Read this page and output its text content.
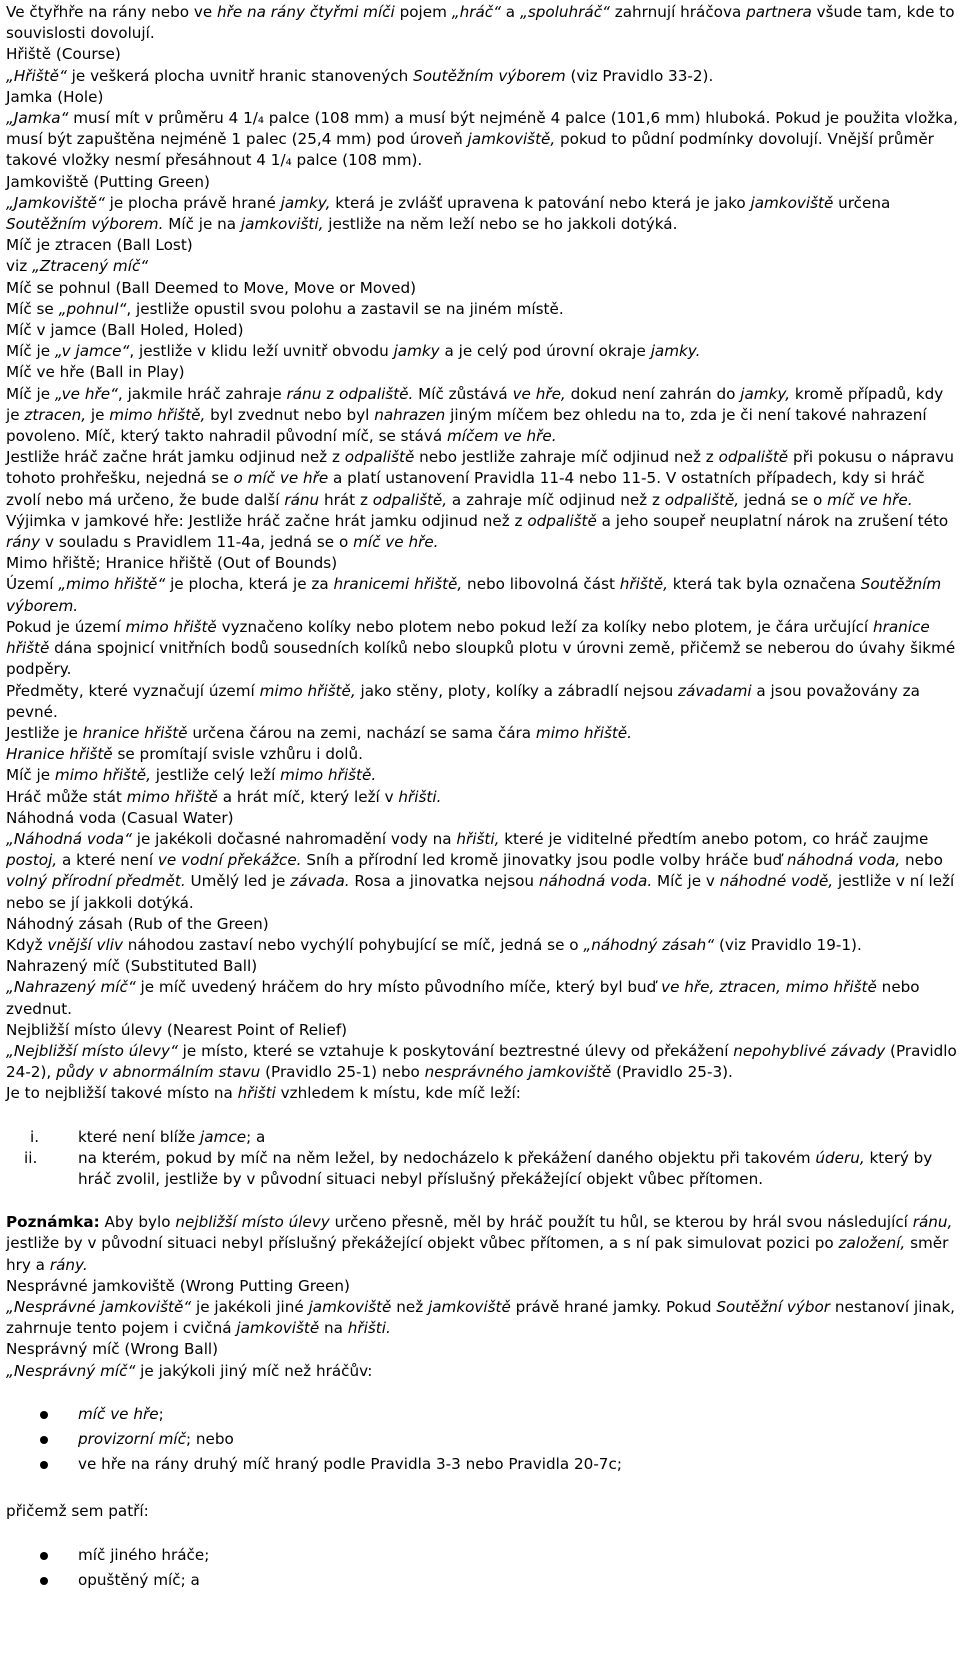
Ve čtyřhře na rány nebo ve hře na rány čtyřmi míči pojem „hráč“ a „spoluhráč“ zahrnují hráčova partnera všude tam, kde to souvislosti dovolují.

Hřiště (Course)

„Hřiště“ je veškerá plocha uvnitř hranic stanovených Soutěžním výborem (viz Pravidlo 33-2).

Jamka (Hole)

„Jamka“ musí mít v průměru 4 1/₄ palce (108 mm) a musí být nejméně 4 palce (101,6 mm) hluboká. Pokud je použita vložka, musí být zapuštěna nejméně 1 palec (25,4 mm) pod úroveň jamkoviště, pokud to půdní podmínky dovolují. Vnější průměr takové vložky nesmí přesáhnout 4 1/₄ palce (108 mm).

Jamkoviště (Putting Green)

„Jamkoviště“ je plocha právě hrané jamky, která je zvlášť upravena k patování nebo která je jako jamkoviště určena Soutěžním výborem. Míč je na jamkovišti, jestliže na něm leží nebo se ho jakkoli dotýká.

Míč je ztracen (Ball Lost)

viz „Ztracený míč“

Míč se pohnul (Ball Deemed to Move, Move or Moved)

Míč se „pohnul“, jestliže opustil svou polohu a zastavil se na jiném místě.

Míč v jamce (Ball Holed, Holed)

Míč je „v jamce“, jestliže v klidu leží uvnitř obvodu jamky a je celý pod úrovní okraje jamky.

Míč ve hře (Ball in Play)

Míč je „ve hře“, jakmile hráč zahraje ránu z odpaliště. Míč zůstává ve hře, dokud není zahrán do jamky, kromě případů, kdy je ztracen, je mimo hřiště, byl zvednut nebo byl nahrazen jiným míčem bez ohledu na to, zda je či není takové nahrazení povoleno. Míč, který takto nahradil původní míč, se stává míčem ve hře.

Jestliže hráč začne hrát jamku odjinud než z odpaliště nebo jestliže zahraje míč odjinud než z odpaliště při pokusu o nápravu tohoto prohřešku, nejedná se o míč ve hře a platí ustanovení Pravidla 11-4 nebo 11-5. V ostatních případech, kdy si hráč zvolí nebo má určeno, že bude další ránu hrát z odpaliště, a zahraje míč odjinud než z odpaliště, jedná se o míč ve hře.

Výjimka v jamkové hře: Jestliže hráč začne hrát jamku odjinud než z odpaliště a jeho soupeř neuplatní nárok na zrušení této rány v souladu s Pravidlem 11-4a, jedná se o míč ve hře.

Mimo hřiště; Hranice hřiště (Out of Bounds)

Území „mimo hřiště“ je plocha, která je za hranicemi hřiště, nebo libovolná část hřiště, která tak byla označena Soutěžním výborem.

Pokud je území mimo hřiště vyznačeno kolíky nebo plotem nebo pokud leží za kolíky nebo plotem, je čára určující hranice hřiště dána spojnicí vnitřních bodů sousedních kolíků nebo sloupků plotu v úrovni země, přičemž se neberou do úvahy šikmé podpěry.

Předměty, které vyznačují území mimo hřiště, jako stěny, ploty, kolíky a zábradlí nejsou závadami a jsou považovány za pevné.

Jestliže je hranice hřiště určena čárou na zemi, nachází se sama čára mimo hřiště.

Hranice hřiště se promítají svisle vzhůru i dolů.

Míč je mimo hřiště, jestliže celý leží mimo hřiště.

Hráč může stát mimo hřiště a hrát míč, který leží v hřišti.

Náhodná voda (Casual Water)

„Náhodná voda“ je jakékoli dočasné nahromadění vody na hřišti, které je viditelné předtím anebo potom, co hráč zaujme postoj, a které není ve vodní překážce. Sníh a přírodní led kromě jinovatky jsou podle volby hráče buď náhodná voda, nebo volný přírodní předmět. Umělý led je závada. Rosa a jinovatka nejsou náhodná voda. Míč je v náhodné vodě, jestliže v ní leží nebo se jí jakkoli dotýká.

Náhodný zásah (Rub of the Green)

Když vnější vliv náhodou zastaví nebo vychýlí pohybující se míč, jedná se o „náhodný zásah“ (viz Pravidlo 19-1).

Nahrazený míč (Substituted Ball)

„Nahrazený míč“ je míč uvedený hráčem do hry místo původního míče, který byl buď ve hře, ztracen, mimo hřiště nebo zvednut.

Nejbližší místo úlevy (Nearest Point of Relief)

„Nejbližší místo úlevy“ je místo, které se vztahuje k poskytování beztrestné úlevy od překážení nepohyblivé závady (Pravidlo 24-2), půdy v abnormálním stavu (Pravidlo 25-1) nebo nesprávného jamkoviště (Pravidlo 25-3).

Je to nejbližší takové místo na hřišti vzhledem k místu, kde míč leží:

i.	které není blíže jamce; a
ii.	na kterém, pokud by míč na něm ležel, by nedocházelo k překážení daného objektu při takovém úderu, který by hráč zvolil, jestliže by v původní situaci nebyl příslušný překážející objekt vůbec přítomen.

Poznámka: Aby bylo nejbližší místo úlevy určeno přesně, měl by hráč použít tu hůl, se kterou by hrál svou následující ránu, jestliže by v původní situaci nebyl příslušný překážející objekt vůbec přítomen, a s ní pak simulovat pozici po založení, směr hry a rány.

Nesprávné jamkoviště (Wrong Putting Green)

„Nesprávné jamkoviště“ je jakékoli jiné jamkoviště než jamkoviště právě hrané jamky. Pokud Soutěžní výbor nestanoví jinak, zahrnuje tento pojem i cvičná jamkoviště na hřišti.

Nesprávný míč (Wrong Ball)

„Nesprávný míč“ je jakýkoli jiný míč než hráčův:

míč ve hře;
provizorní míč; nebo
ve hře na rány druhý míč hraný podle Pravidla 3-3 nebo Pravidla 20-7c;

přičemž sem patří:

míč jiného hráče;
opuštěný míč; a
